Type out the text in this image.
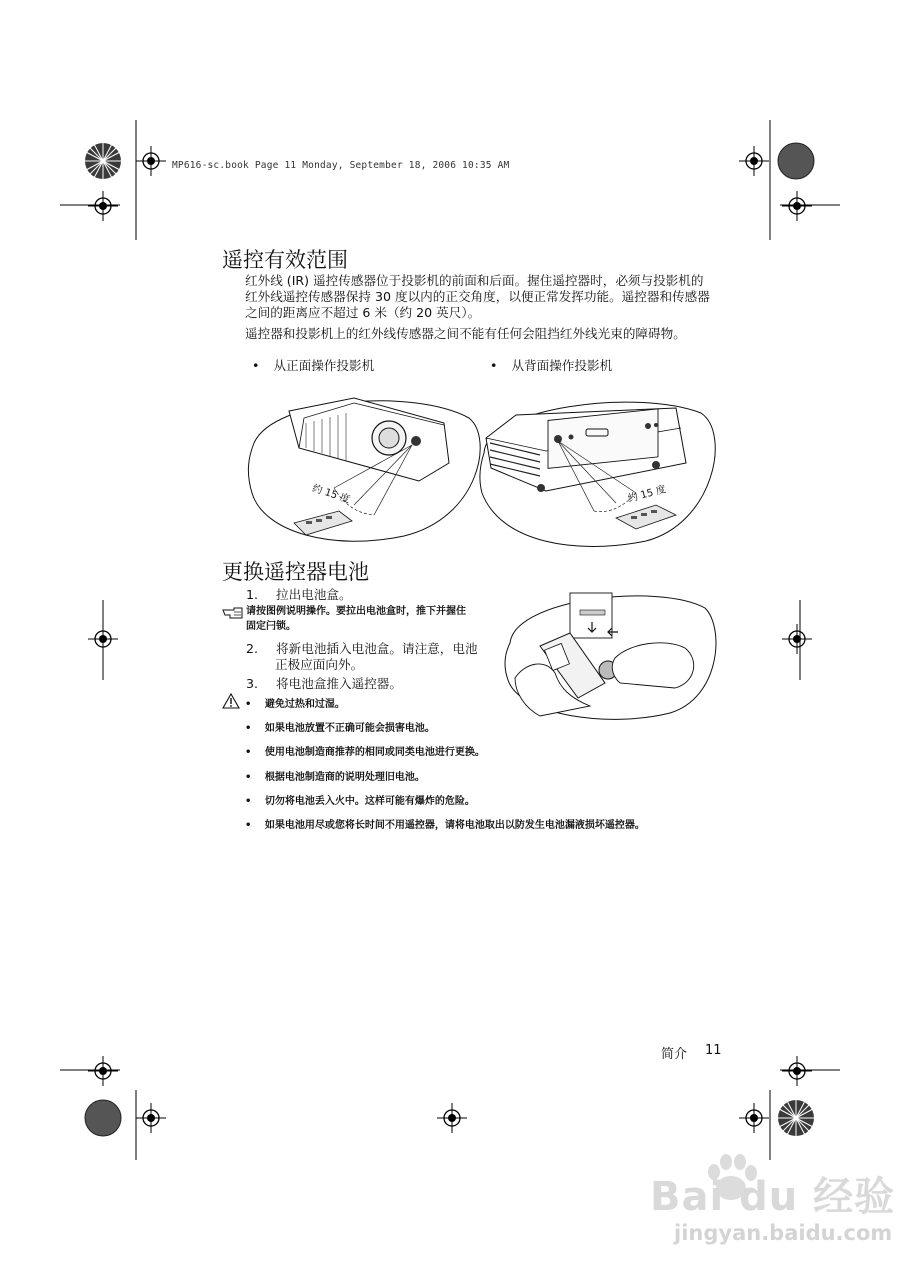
MP616-sc.book Page 11 Monday, September 18, 2006 10:35 AM
遥控有效范围
红外线 (IR) 遥控传感器位于投影机的前面和后面。握住遥控器时，必须与投影机的
红外线遥控传感器保持 30 度以内的正交角度，以便正常发挥功能。遥控器和传感器
之间的距离应不超过 6 米（约 20 英尺）。
遥控器和投影机上的红外线传感器之间不能有任何会阻挡红外线光束的障碍物。
• 从正面操作投影机	• 从背面操作投影机
约 15 度	约 15 度
更换遥控器电池
1. 拉出电池盒。
请按图例说明操作。要拉出电池盒时，推下并握住
固定闩锁。
2. 将新电池插入电池盒。请注意，电池
正极应面向外。
3. 将电池盒推入遥控器。
• 避免过热和过湿。
• 如果电池放置不正确可能会损害电池。
• 使用电池制造商推荐的相同或同类电池进行更换。
• 根据电池制造商的说明处理旧电池。
• 切勿将电池丢入火中。这样可能有爆炸的危险。
• 如果电池用尽或您将长时间不用遥控器，请将电池取出以防发生电池漏液损坏遥控器。
简介 11
Bai du 经验
jingyan.baidu.com
